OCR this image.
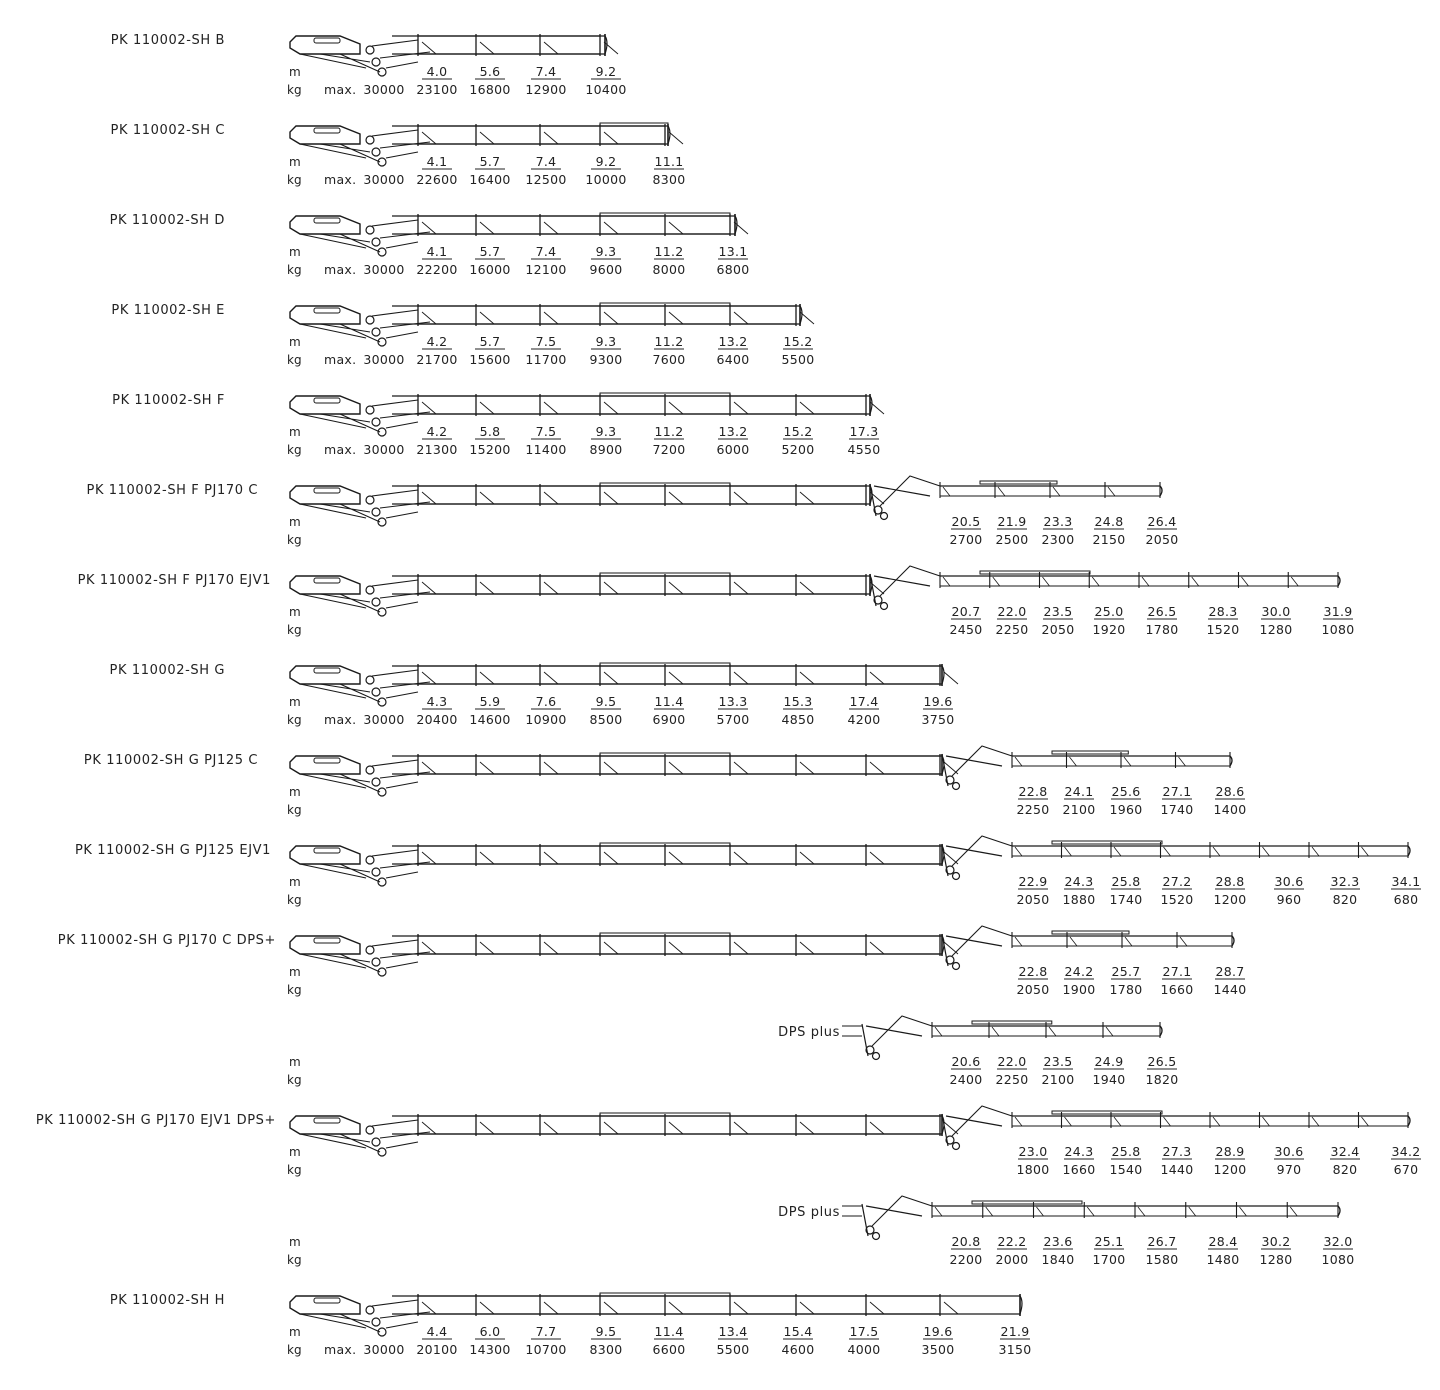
PK 110002-SH B
m
kg max. 30000
4.0	5.6	7.4	9.2
23100 16800 12900 10400
PK 110002-SH C
m
kg max. 30000
4.1	5.7	7.4	9.2	11.1
22600 16400 12500 10000 8300
PK 110002-SH D
m
kg max. 30000
4.1	5.7	7.4	9.3	11.2	13.1
22200 16000 12100 9600 8000 6800
PK 110002-SH E
m
kg max. 30000
4.2	5.7	7.5	9.3	11.2	13.2	15.2
21700 15600 11700 9300 7600 6400	5500
PK 110002-SH F
m
kg max. 30000
4.2	5.8	7.5	9.3	11.2	13.2	15.2	17.3
21300 15200 11400 8900 7200 6000	5200	4550
PK 110002-SH F PJ170 C
m
kg
20.5 21.9 23.3 24.8 26.4
2700 2500 2300 2150 2050
PK 110002-SH F PJ170 EJV1
m
kg
20.7 22.0 23.5 25.0 26.5	28.3 30.0	31.9
2450 2250 2050 1920 1780 1520 1280 1080
PK 110002-SH G
m
kg max. 30000
4.3	5.9	7.6	9.5	11.4	13.3	15.3	17.4	19.6
20400 14600 10900 8500 6900 5700	4850	4200	3750
PK 110002-SH G PJ125 C
m
kg
22.8 24.1 25.6 27.1 28.6
2250 2100 1960 1740 1400
PK 110002-SH G PJ125 EJV1
m
kg
22.9 24.3 25.8 27.2 28.8 30.6 32.3	34.1
2050 1880 1740 1520 1200 960 820	680
PK 110002-SH G PJ170 C DPS+
m
kg
22.8 24.2 25.7 27.1 28.7
2050 1900 1780 1660 1440
DPS plus
m
kg
20.6 22.0 23.5 24.9 26.5
2400 2250 2100 1940 1820
PK 110002-SH G PJ170 EJV1 DPS+
m
kg
23.0 24.3 25.8 27.3 28.9 30.6 32.4	34.2
1800 1660 1540 1440 1200 970 820	670
DPS plus
m
kg
20.8 22.2 23.6 25.1 26.7	28.4 30.2	32.0
2200 2000 1840 1700 1580 1480 1280 1080
PK 110002-SH H
m
kg max. 30000
4.4	6.0	7.7	9.5	11.4	13.4	15.4	17.5	19.6	21.9
20100 14300 10700 8300 6600 5500	4600	4000	3500	3150
